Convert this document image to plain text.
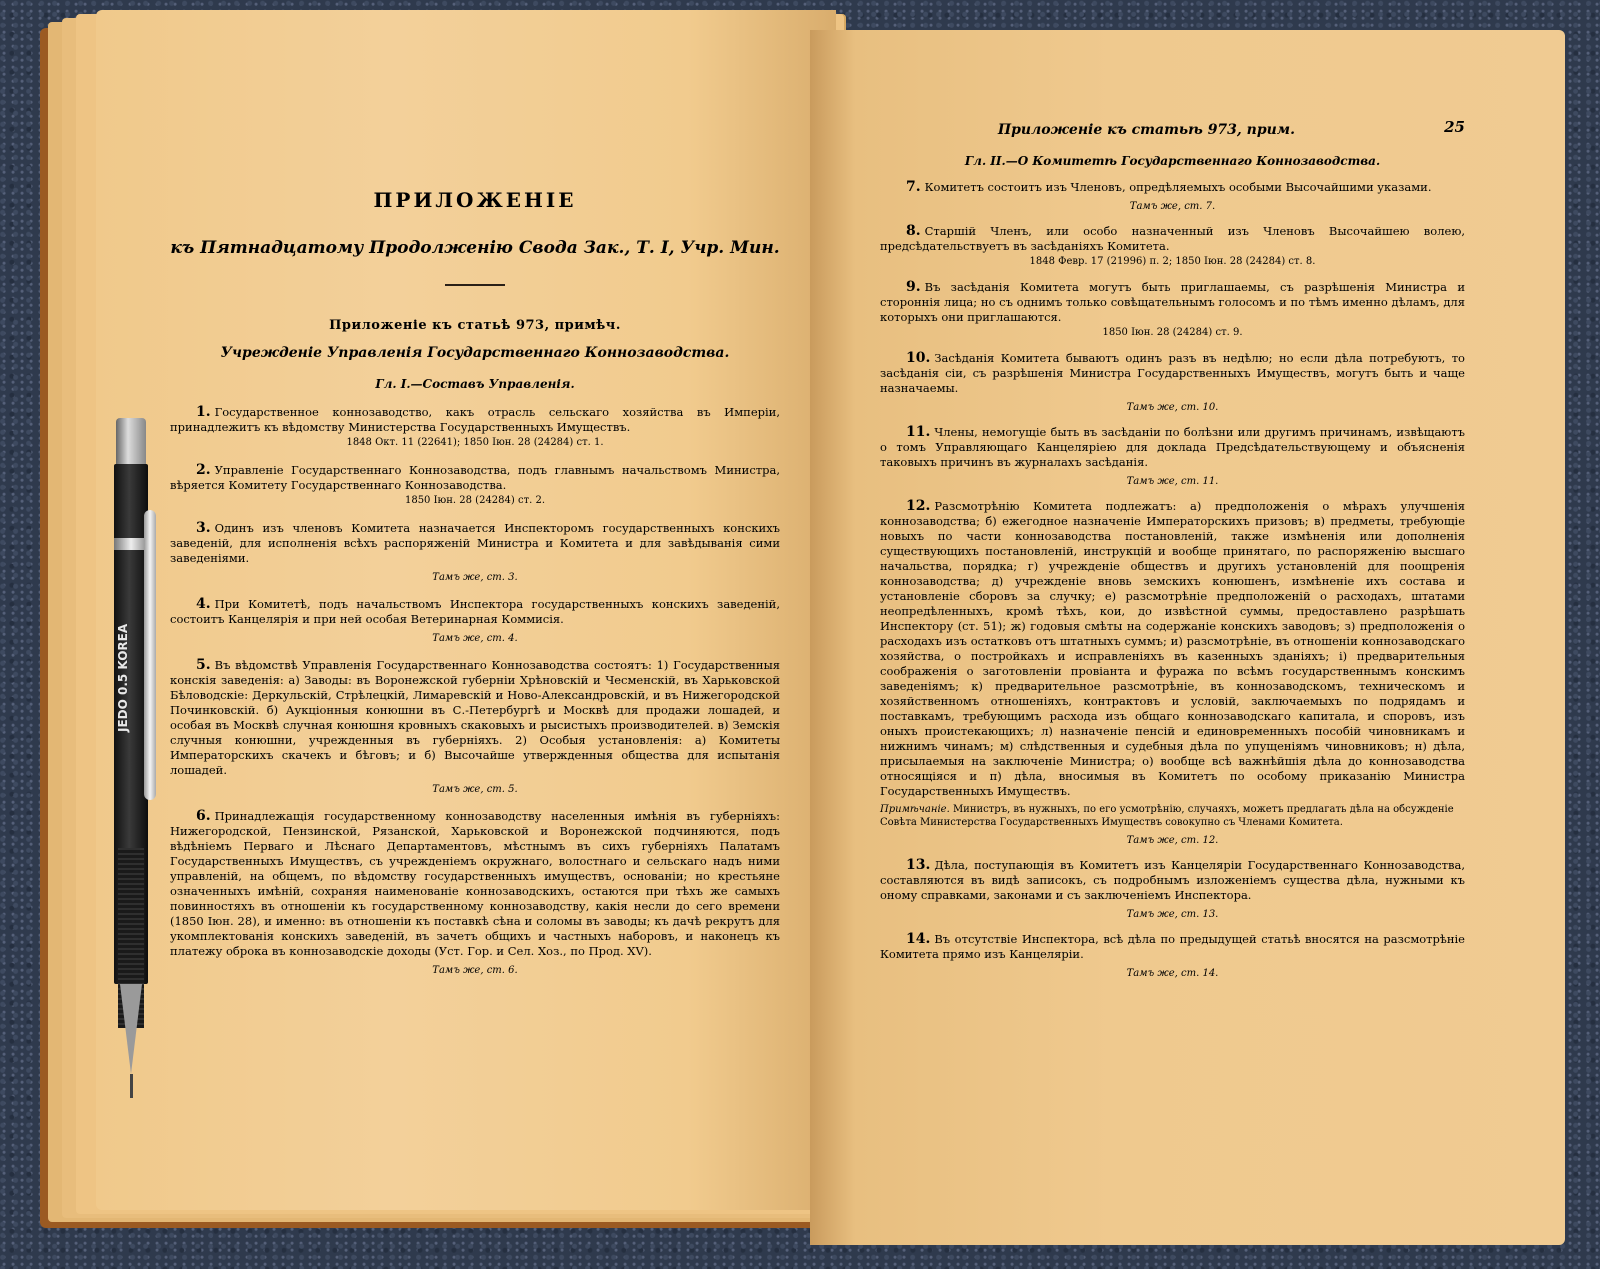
ПРИЛОЖЕНІЕ
къ Пятнадцатому Продолженію Свода Зак., Т. I, Учр. Мин.
Приложеніе къ статьѣ 973, примѣч.
Учрежденіе Управленія Государственнаго Коннозаводства.
Гл. I.—Составъ Управленія.
1. Государственное коннозаводство, какъ отрасль сельскаго хозяйства въ Имперіи, принадлежитъ къ вѣдомству Министерства Государственныхъ Имуществъ.
1848 Окт. 11 (22641); 1850 Іюн. 28 (24284) ст. 1.
2. Управленіе Государственнаго Коннозаводства, подъ главнымъ начальствомъ Министра, вѣряется Комитету Государственнаго Коннозаводства.
1850 Іюн. 28 (24284) ст. 2.
3. Одинъ изъ членовъ Комитета назначается Инспекторомъ государственныхъ конскихъ заведеній, для исполненія всѣхъ распоряженій Министра и Комитета и для завѣдыванія сими заведеніями.
Тамъ же, ст. 3.
4. При Комитетѣ, подъ начальствомъ Инспектора государственныхъ конскихъ заведеній, состоитъ Канцелярія и при ней особая Ветеринарная Коммисія.
Тамъ же, ст. 4.
5. Въ вѣдомствѣ Управленія Государственнаго Коннозаводства состоятъ: 1) Государственныя конскія заведенія: а) Заводы: въ Воронежской губерніи Хрѣновскій и Чесменскій, въ Харьковской Бѣловодскіе: Деркульскій, Стрѣлецкій, Лимаревскій и Ново-Александровскій, и въ Нижегородской Починковскій. б) Аукціонныя конюшни въ С.-Петербургѣ и Москвѣ для продажи лошадей, и особая въ Москвѣ случная конюшня кровныхъ скаковыхъ и рысистыхъ производителей. в) Земскія случныя конюшни, учрежденныя въ губерніяхъ. 2) Особыя установленія: а) Комитеты Императорскихъ скачекъ и бѣговъ; и б) Высочайше утвержденныя общества для испытанія лошадей.
Тамъ же, ст. 5.
6. Принадлежащія государственному коннозаводству населенныя имѣнія въ губерніяхъ: Нижегородской, Пензинской, Рязанской, Харьковской и Воронежской подчиняются, подъ вѣдѣніемъ Перваго и Лѣснаго Департаментовъ, мѣстнымъ въ сихъ губерніяхъ Палатамъ Государственныхъ Имуществъ, съ учрежденіемъ окружнаго, волостнаго и сельскаго надъ ними управленій, на общемъ, по вѣдомству государственныхъ имуществъ, основаніи; но крестьяне означенныхъ имѣній, сохраняя наименованіе коннозаводскихъ, остаются при тѣхъ же самыхъ повинностяхъ въ отношеніи къ государственному коннозаводству, какія несли до сего времени (1850 Іюн. 28), и именно: въ отношеніи къ поставкѣ сѣна и соломы въ заводы; къ дачѣ рекрутъ для укомплектованія конскихъ заведеній, въ зачетъ общихъ и частныхъ наборовъ, и наконецъ къ платежу оброка въ коннозаводскіе доходы (Уст. Гор. и Сел. Хоз., по Прод. XV).
Тамъ же, ст. 6.
Приложеніе къ статьѣ 973, прим.	25
Гл. II.—О Комитетѣ Государственнаго Коннозаводства.
7. Комитетъ состоитъ изъ Членовъ, опредѣляемыхъ особыми Высочайшими указами.
Тамъ же, ст. 7.
8. Старшій Членъ, или особо назначенный изъ Членовъ Высочайшею волею, предсѣдательствуетъ въ засѣданіяхъ Комитета.
1848 Февр. 17 (21996) п. 2; 1850 Іюн. 28 (24284) ст. 8.
9. Въ засѣданія Комитета могутъ быть приглашаемы, съ разрѣшенія Министра и стороннія лица; но съ однимъ только совѣщательнымъ голосомъ и по тѣмъ именно дѣламъ, для которыхъ они приглашаются.
1850 Іюн. 28 (24284) ст. 9.
10. Засѣданія Комитета бываютъ одинъ разъ въ недѣлю; но если дѣла потребуютъ, то засѣданія сіи, съ разрѣшенія Министра Государственныхъ Имуществъ, могутъ быть и чаще назначаемы.
Тамъ же, ст. 10.
11. Члены, немогущіе быть въ засѣданіи по болѣзни или другимъ причинамъ, извѣщаютъ о томъ Управляющаго Канцеляріею для доклада Предсѣдательствующему и объясненія таковыхъ причинъ въ журналахъ засѣданія.
Тамъ же, ст. 11.
12. Разсмотрѣнію Комитета подлежатъ: а) предположенія о мѣрахъ улучшенія коннозаводства; б) ежегодное назначеніе Императорскихъ призовъ; в) предметы, требующіе новыхъ по части коннозаводства постановленій, также измѣненія или дополненія существующихъ постановленій, инструкцій и вообще принятаго, по распоряженію высшаго начальства, порядка; г) учрежденіе обществъ и другихъ установленій для поощренія коннозаводства; д) учрежденіе вновь земскихъ конюшенъ, измѣненіе ихъ состава и установленіе сборовъ за случку; е) разсмотрѣніе предположеній о расходахъ, штатами неопредѣленныхъ, кромѣ тѣхъ, кои, до извѣстной суммы, предоставлено разрѣшать Инспектору (ст. 51); ж) годовыя смѣты на содержаніе конскихъ заводовъ; з) предположенія о расходахъ изъ остатковъ отъ штатныхъ суммъ; и) разсмотрѣніе, въ отношеніи коннозаводскаго хозяйства, о постройкахъ и исправленіяхъ въ казенныхъ зданіяхъ; і) предварительныя соображенія о заготовленіи провіанта и фуража по всѣмъ государственнымъ конскимъ заведеніямъ; к) предварительное разсмотрѣніе, въ коннозаводскомъ, техническомъ и хозяйственномъ отношеніяхъ, контрактовъ и условій, заключаемыхъ по подрядамъ и поставкамъ, требующимъ расхода изъ общаго коннозаводскаго капитала, и споровъ, изъ оныхъ проистекающихъ; л) назначеніе пенсій и единовременныхъ пособій чиновникамъ и нижнимъ чинамъ; м) слѣдственныя и судебныя дѣла по упущеніямъ чиновниковъ; н) дѣла, присылаемыя на заключеніе Министра; о) вообще всѣ важнѣйшія дѣла до коннозаводства относящіяся и п) дѣла, вносимыя въ Комитетъ по особому приказанію Министра Государственныхъ Имуществъ.
Примѣчаніе. Министръ, въ нужныхъ, по его усмотрѣнію, случаяхъ, можетъ предлагать дѣла на обсужденіе Совѣта Министерства Государственныхъ Имуществъ совокупно съ Членами Комитета.
Тамъ же, ст. 12.
13. Дѣла, поступающія въ Комитетъ изъ Канцеляріи Государственнаго Коннозаводства, составляются въ видѣ записокъ, съ подробнымъ изложеніемъ существа дѣла, нужными къ оному справками, законами и съ заключеніемъ Инспектора.
Тамъ же, ст. 13.
14. Въ отсутствіе Инспектора, всѣ дѣла по предыдущей статьѣ вносятся на разсмотрѣніе Комитета прямо изъ Канцеляріи.
Тамъ же, ст. 14.
JEDO 0.5 KOREA
